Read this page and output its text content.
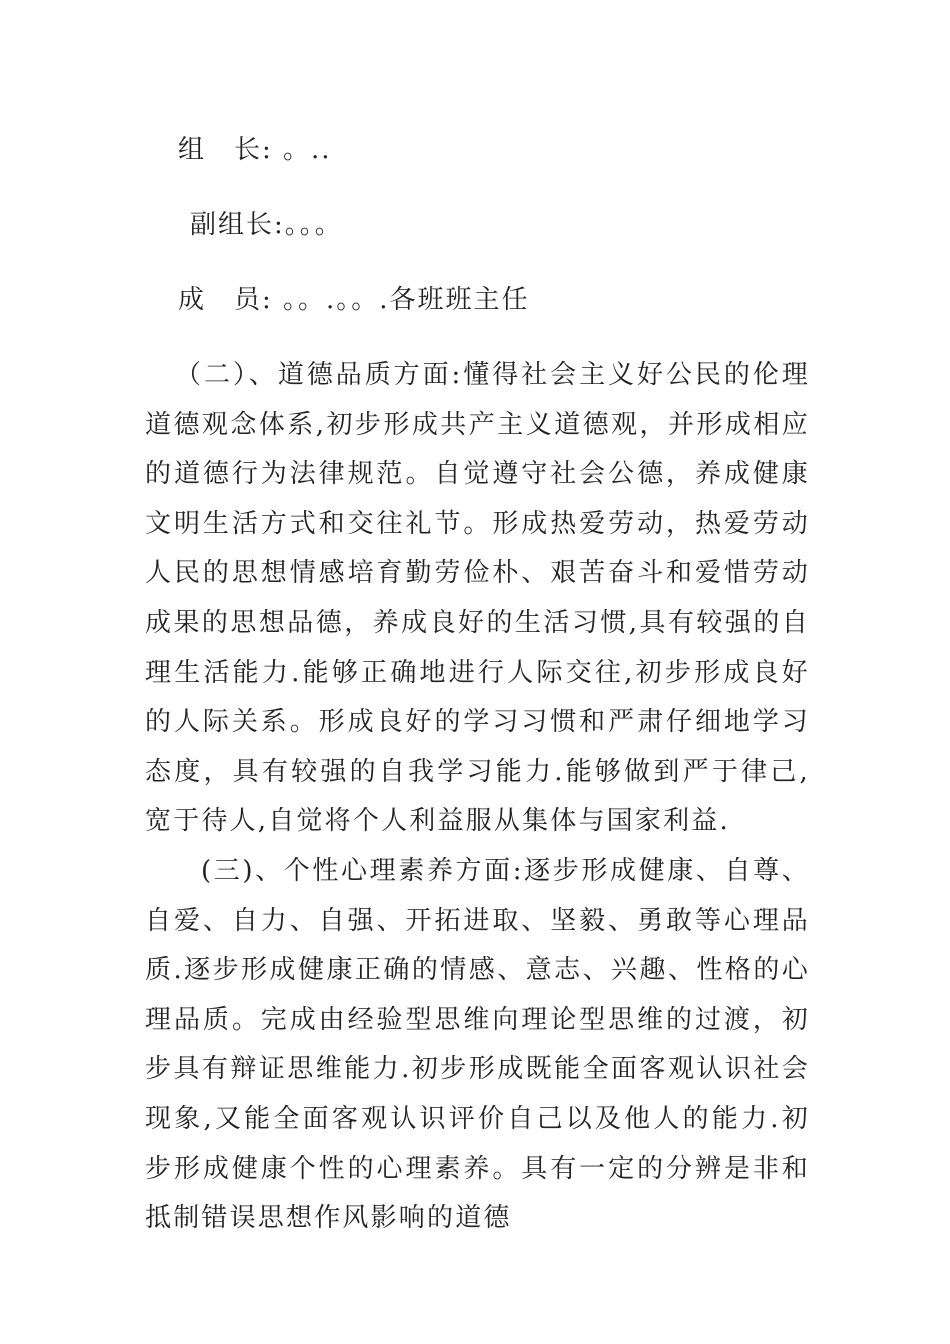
组　长: 。..
副组长:。。。
成　员: 。。.。。.各班班主任

（二）、道德品质方面:懂得社会主义好公民的伦理道德观念体系,初步形成共产主义道德观，并形成相应的道德行为法律规范。自觉遵守社会公德，养成健康文明生活方式和交往礼节。形成热爱劳动，热爱劳动人民的思想情感培育勤劳俭朴、艰苦奋斗和爱惜劳动成果的思想品德，养成良好的生活习惯,具有较强的自理生活能力.能够正确地进行人际交往,初步形成良好的人际关系。形成良好的学习习惯和严肃仔细地学习态度，具有较强的自我学习能力.能够做到严于律己,宽于待人,自觉将个人利益服从集体与国家利益.

(三)、个性心理素养方面:逐步形成健康、自尊、自爱、自力、自强、开拓进取、坚毅、勇敢等心理品质.逐步形成健康正确的情感、意志、兴趣、性格的心理品质。完成由经验型思维向理论型思维的过渡，初步具有辩证思维能力.初步形成既能全面客观认识社会现象,又能全面客观认识评价自己以及他人的能力.初步形成健康个性的心理素养。具有一定的分辨是非和抵制错误思想作风影响的道德
